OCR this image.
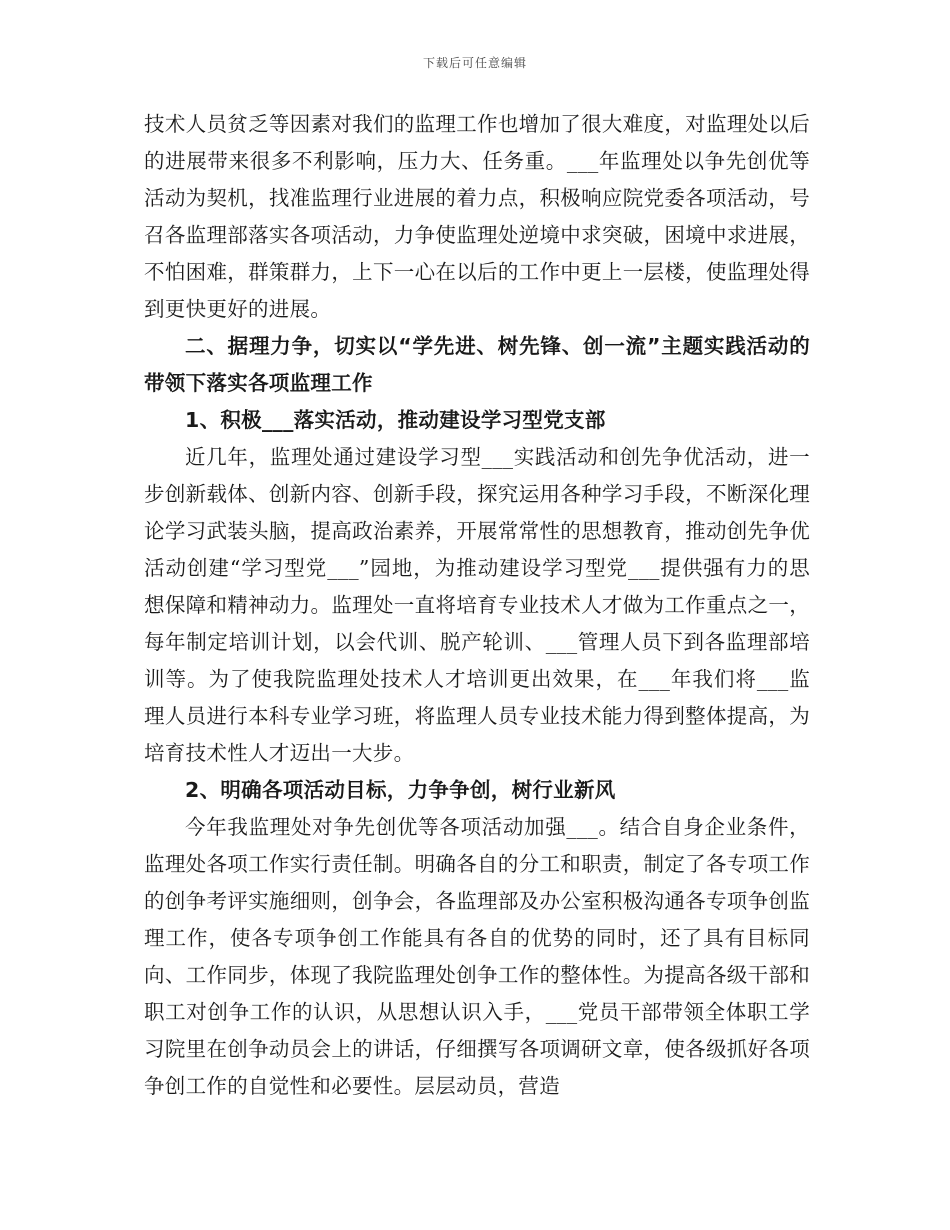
下载后可任意编辑

技术人员贫乏等因素对我们的监理工作也增加了很大难度，对监理处以后的进展带来很多不利影响，压力大、任务重。___年监理处以争先创优等活动为契机，找准监理行业进展的着力点，积极响应院党委各项活动，号召各监理部落实各项活动，力争使监理处逆境中求突破，困境中求进展，不怕困难，群策群力，上下一心在以后的工作中更上一层楼，使监理处得到更快更好的进展。

二、据理力争，切实以“学先进、树先锋、创一流”主题实践活动的带领下落实各项监理工作

1、积极___落实活动，推动建设学习型党支部

近几年，监理处通过建设学习型___实践活动和创先争优活动，进一步创新载体、创新内容、创新手段，探究运用各种学习手段，不断深化理论学习武装头脑，提高政治素养，开展常常性的思想教育，推动创先争优活动创建“学习型党___”园地，为推动建设学习型党___提供强有力的思想保障和精神动力。监理处一直将培育专业技术人才做为工作重点之一，每年制定培训计划，以会代训、脱产轮训、___管理人员下到各监理部培训等。为了使我院监理处技术人才培训更出效果，在___年我们将___监理人员进行本科专业学习班，将监理人员专业技术能力得到整体提高，为培育技术性人才迈出一大步。

2、明确各项活动目标，力争争创，树行业新风

今年我监理处对争先创优等各项活动加强___。结合自身企业条件，监理处各项工作实行责任制。明确各自的分工和职责，制定了各专项工作的创争考评实施细则，创争会，各监理部及办公室积极沟通各专项争创监理工作，使各专项争创工作能具有各自的优势的同时，还了具有目标同向、工作同步，体现了我院监理处创争工作的整体性。为提高各级干部和职工对创争工作的认识，从思想认识入手，___党员干部带领全体职工学习院里在创争动员会上的讲话，仔细撰写各项调研文章，使各级抓好各项争创工作的自觉性和必要性。层层动员，营造
